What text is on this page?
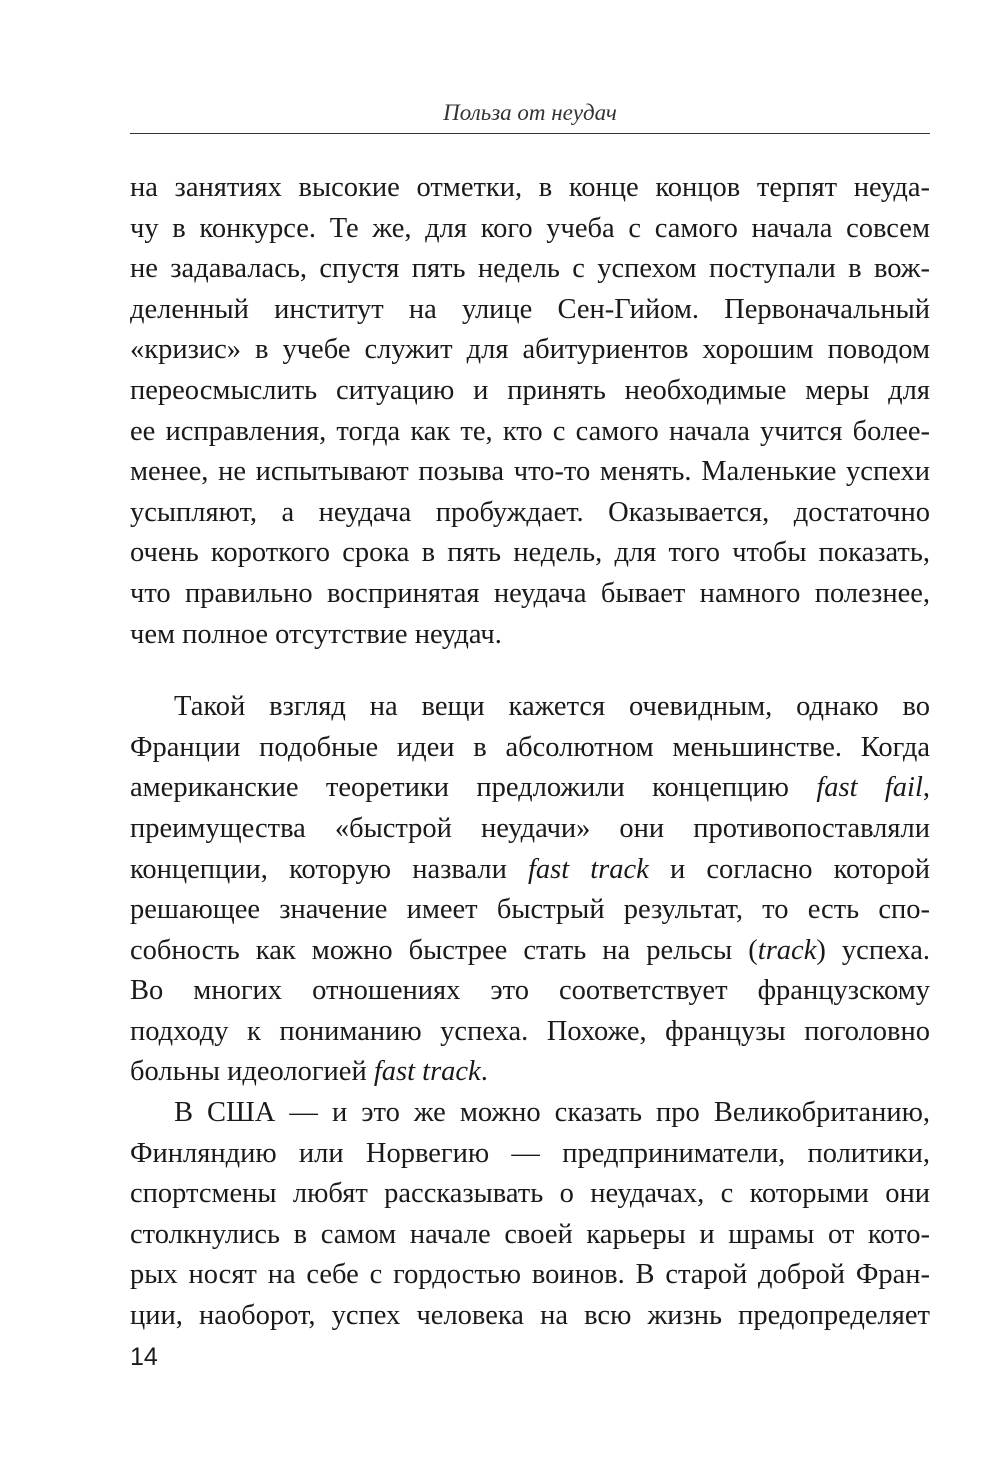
Польза от неудач
на занятиях высокие отметки, в конце концов терпят неуда-
чу в конкурсе. Те же, для кого учеба с самого начала совсем
не задавалась, спустя пять недель с успехом поступали в вож-
деленный институт на улице Сен-Гийом. Первоначальный
«кризис» в учебе служит для абитуриентов хорошим поводом
переосмыслить ситуацию и принять необходимые меры для
ее исправления, тогда как те, кто с самого начала учится более-
менее, не испытывают позыва что-то менять. Маленькие успехи
усыпляют, а неудача пробуждает. Оказывается, достаточно
очень короткого срока в пять недель, для того чтобы показать,
что правильно воспринятая неудача бывает намного полезнее,
чем полное отсутствие неудач.
Такой взгляд на вещи кажется очевидным, однако во
Франции подобные идеи в абсолютном меньшинстве. Когда
американские теоретики предложили концепцию fast fail,
преимущества «быстрой неудачи» они противопоставляли
концепции, которую назвали fast track и согласно которой
решающее значение имеет быстрый результат, то есть спо-
собность как можно быстрее стать на рельсы (track) успеха.
Во многих отношениях это соответствует французскому
подходу к пониманию успеха. Похоже, французы поголовно
больны идеологией fast track.
В США — и это же можно сказать про Великобританию,
Финляндию или Норвегию — предприниматели, политики,
спортсмены любят рассказывать о неудачах, с которыми они
столкнулись в самом начале своей карьеры и шрамы от кото-
рых носят на себе с гордостью воинов. В старой доброй Фран-
ции, наоборот, успех человека на всю жизнь предопределяет
14
